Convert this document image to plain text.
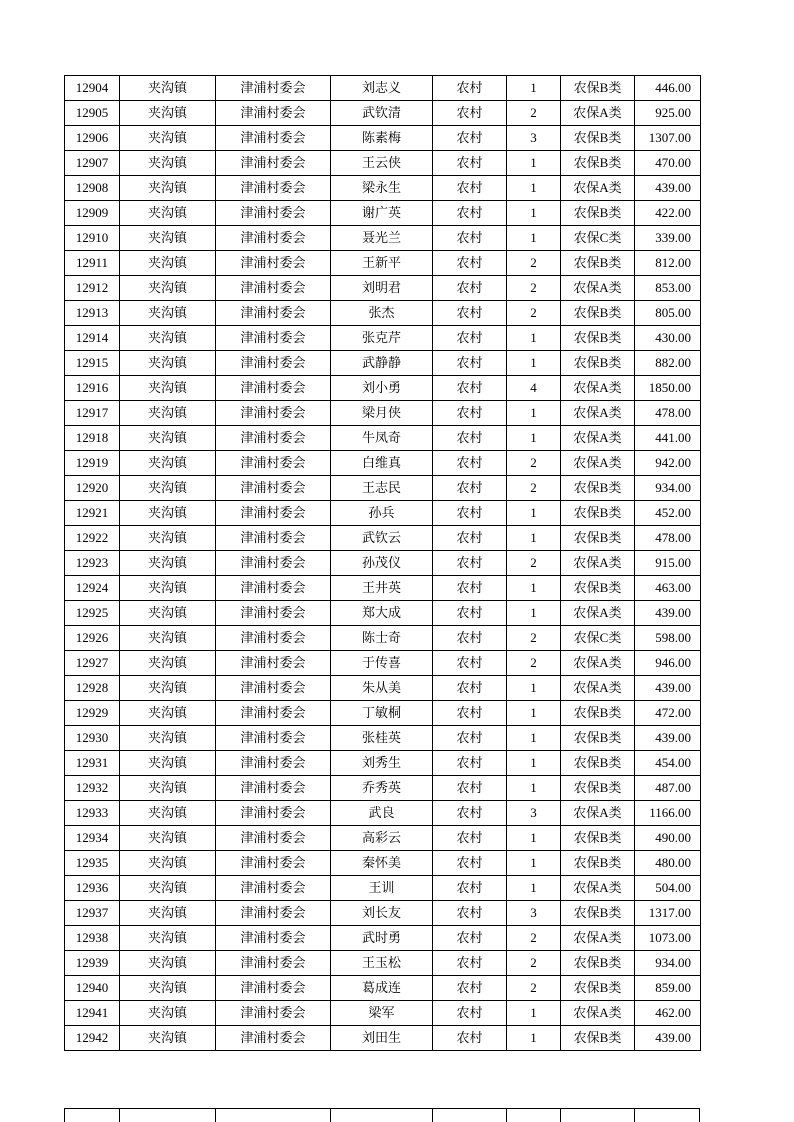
12904	夹沟镇	津浦村委会	刘志义	农村	1	农保B类	446.00
12905	夹沟镇	津浦村委会	武钦清	农村	2	农保A类	925.00
12906	夹沟镇	津浦村委会	陈素梅	农村	3	农保B类	1307.00
12907	夹沟镇	津浦村委会	王云侠	农村	1	农保B类	470.00
12908	夹沟镇	津浦村委会	梁永生	农村	1	农保A类	439.00
12909	夹沟镇	津浦村委会	谢广英	农村	1	农保B类	422.00
12910	夹沟镇	津浦村委会	聂光兰	农村	1	农保C类	339.00
12911	夹沟镇	津浦村委会	王新平	农村	2	农保B类	812.00
12912	夹沟镇	津浦村委会	刘明君	农村	2	农保A类	853.00
12913	夹沟镇	津浦村委会	张杰	农村	2	农保B类	805.00
12914	夹沟镇	津浦村委会	张克芹	农村	1	农保B类	430.00
12915	夹沟镇	津浦村委会	武静静	农村	1	农保B类	882.00
12916	夹沟镇	津浦村委会	刘小勇	农村	4	农保A类	1850.00
12917	夹沟镇	津浦村委会	梁月侠	农村	1	农保A类	478.00
12918	夹沟镇	津浦村委会	牛凤奇	农村	1	农保A类	441.00
12919	夹沟镇	津浦村委会	白维真	农村	2	农保A类	942.00
12920	夹沟镇	津浦村委会	王志民	农村	2	农保B类	934.00
12921	夹沟镇	津浦村委会	孙兵	农村	1	农保B类	452.00
12922	夹沟镇	津浦村委会	武钦云	农村	1	农保B类	478.00
12923	夹沟镇	津浦村委会	孙茂仪	农村	2	农保A类	915.00
12924	夹沟镇	津浦村委会	王井英	农村	1	农保B类	463.00
12925	夹沟镇	津浦村委会	郑大成	农村	1	农保A类	439.00
12926	夹沟镇	津浦村委会	陈士奇	农村	2	农保C类	598.00
12927	夹沟镇	津浦村委会	于传喜	农村	2	农保A类	946.00
12928	夹沟镇	津浦村委会	朱从美	农村	1	农保A类	439.00
12929	夹沟镇	津浦村委会	丁敏桐	农村	1	农保B类	472.00
12930	夹沟镇	津浦村委会	张桂英	农村	1	农保B类	439.00
12931	夹沟镇	津浦村委会	刘秀生	农村	1	农保B类	454.00
12932	夹沟镇	津浦村委会	乔秀英	农村	1	农保B类	487.00
12933	夹沟镇	津浦村委会	武良	农村	3	农保A类	1166.00
12934	夹沟镇	津浦村委会	高彩云	农村	1	农保B类	490.00
12935	夹沟镇	津浦村委会	秦怀美	农村	1	农保B类	480.00
12936	夹沟镇	津浦村委会	王训	农村	1	农保A类	504.00
12937	夹沟镇	津浦村委会	刘长友	农村	3	农保B类	1317.00
12938	夹沟镇	津浦村委会	武时勇	农村	2	农保A类	1073.00
12939	夹沟镇	津浦村委会	王玉松	农村	2	农保B类	934.00
12940	夹沟镇	津浦村委会	葛成连	农村	2	农保B类	859.00
12941	夹沟镇	津浦村委会	梁军	农村	1	农保A类	462.00
12942	夹沟镇	津浦村委会	刘田生	农村	1	农保B类	439.00
